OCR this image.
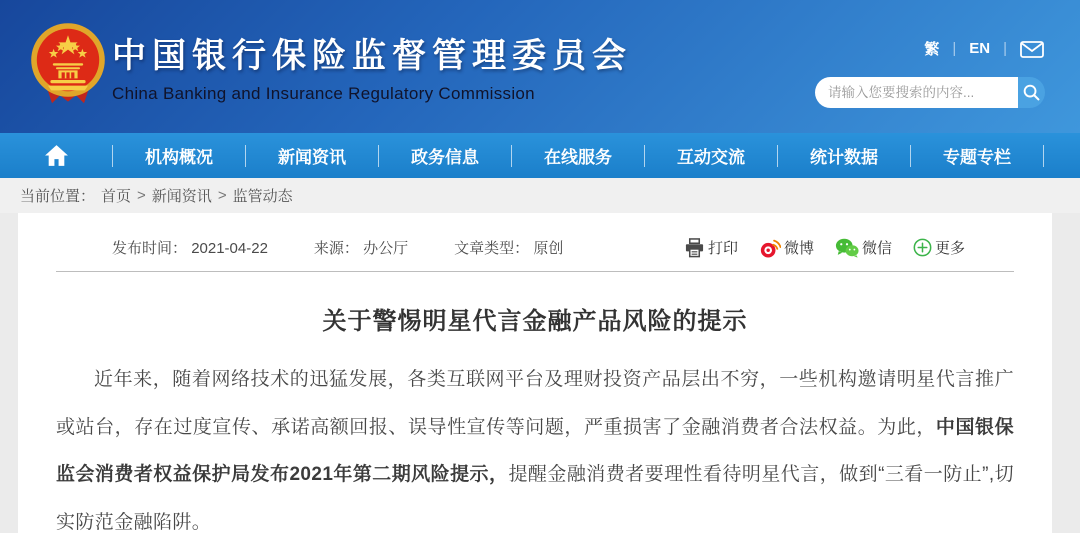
中国银行保险监督管理委员会
China Banking and Insurance Regulatory Commission
繁 | EN |
请输入您要搜索的内容...
机构概况	新闻资讯	政务信息	在线服务	互动交流	统计数据	专题专栏
当前位置： 首页 > 新闻资讯 > 监管动态
发布时间： 2021-04-22	来源： 办公厅	文章类型： 原创	打印	微博	微信	更多
关于警惕明星代言金融产品风险的提示

近年来，随着网络技术的迅猛发展，各类互联网平台及理财投资产品层出不穷，一些机构邀请明星代言推广或站台，存在过度宣传、承诺高额回报、误导性宣传等问题，严重损害了金融消费者合法权益。为此，中国银保监会消费者权益保护局发布2021年第二期风险提示，提醒金融消费者要理性看待明星代言，做到“三看一防止”,切实防范金融陷阱。
